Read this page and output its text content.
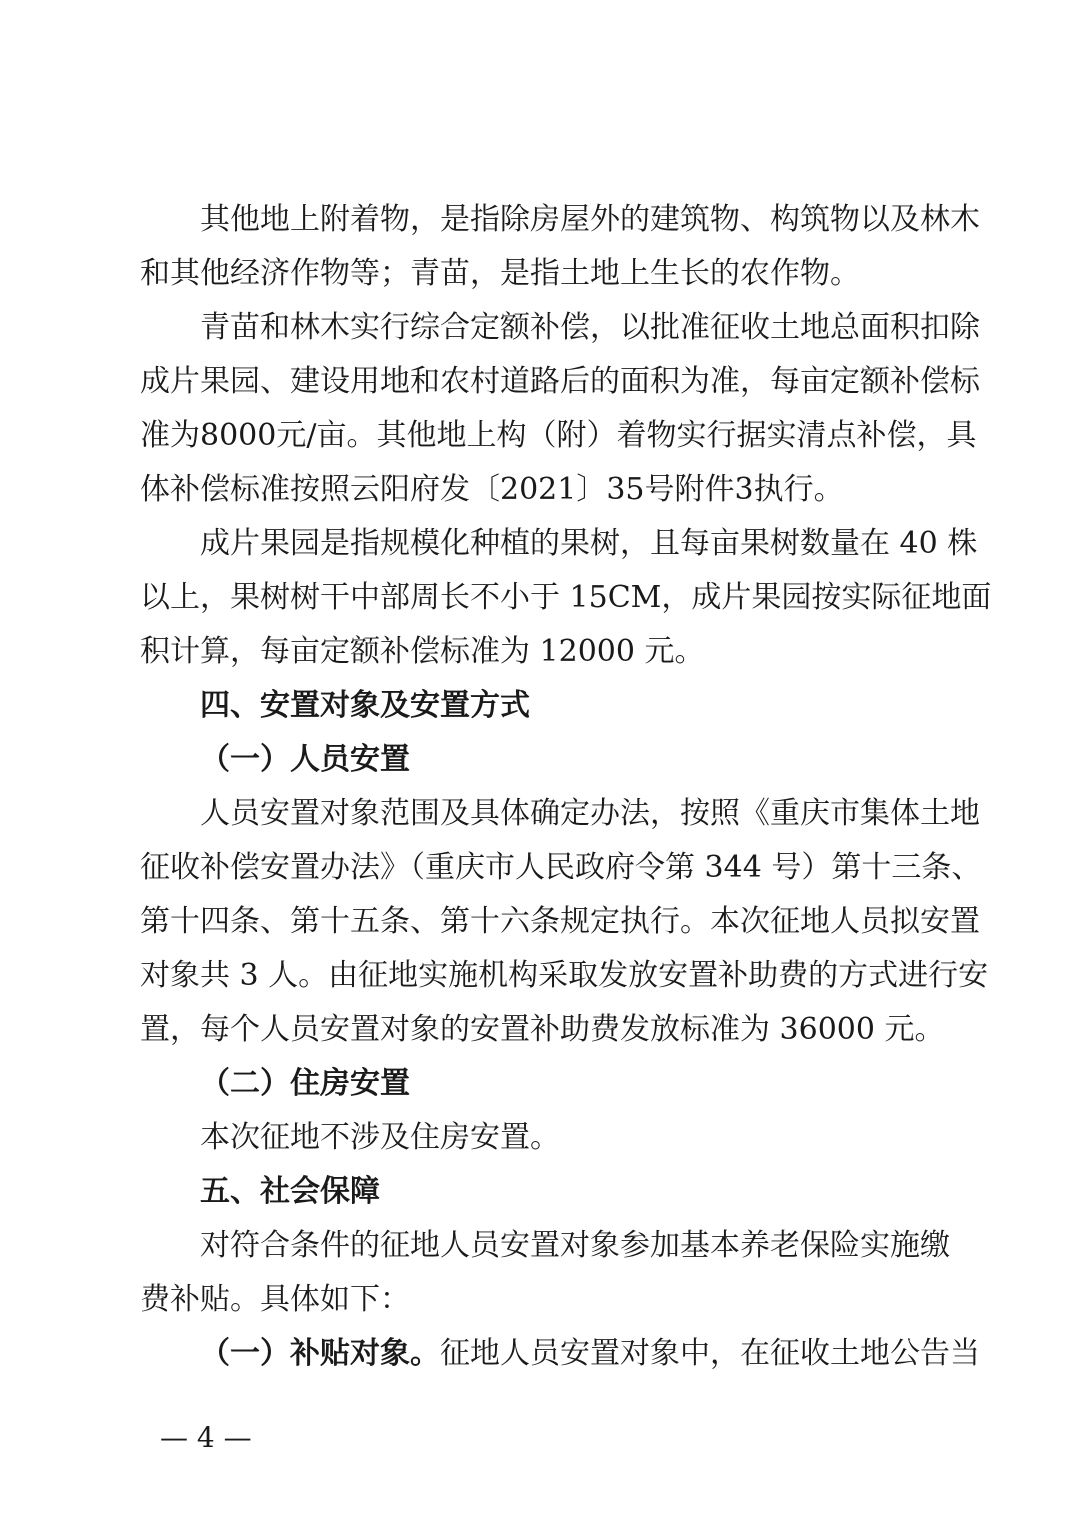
其他地上附着物，是指除房屋外的建筑物、构筑物以及林木
和其他经济作物等；青苗，是指土地上生长的农作物。
青苗和林木实行综合定额补偿，以批准征收土地总面积扣除
成片果园、建设用地和农村道路后的面积为准，每亩定额补偿标
准为8000元/亩。其他地上构（附）着物实行据实清点补偿，具
体补偿标准按照云阳府发〔2021〕35号附件3执行。
成片果园是指规模化种植的果树，且每亩果树数量在 40 株
以上，果树树干中部周长不小于 15CM，成片果园按实际征地面
积计算，每亩定额补偿标准为 12000 元。
四、安置对象及安置方式
（一）人员安置
人员安置对象范围及具体确定办法，按照《重庆市集体土地
征收补偿安置办法》（重庆市人民政府令第 344 号）第十三条、
第十四条、第十五条、第十六条规定执行。本次征地人员拟安置
对象共 3 人。由征地实施机构采取发放安置补助费的方式进行安
置，每个人员安置对象的安置补助费发放标准为 36000 元。
（二）住房安置
本次征地不涉及住房安置。
五、社会保障
对符合条件的征地人员安置对象参加基本养老保险实施缴
费补贴。具体如下：
（一）补贴对象。征地人员安置对象中，在征收土地公告当
— 4 —
